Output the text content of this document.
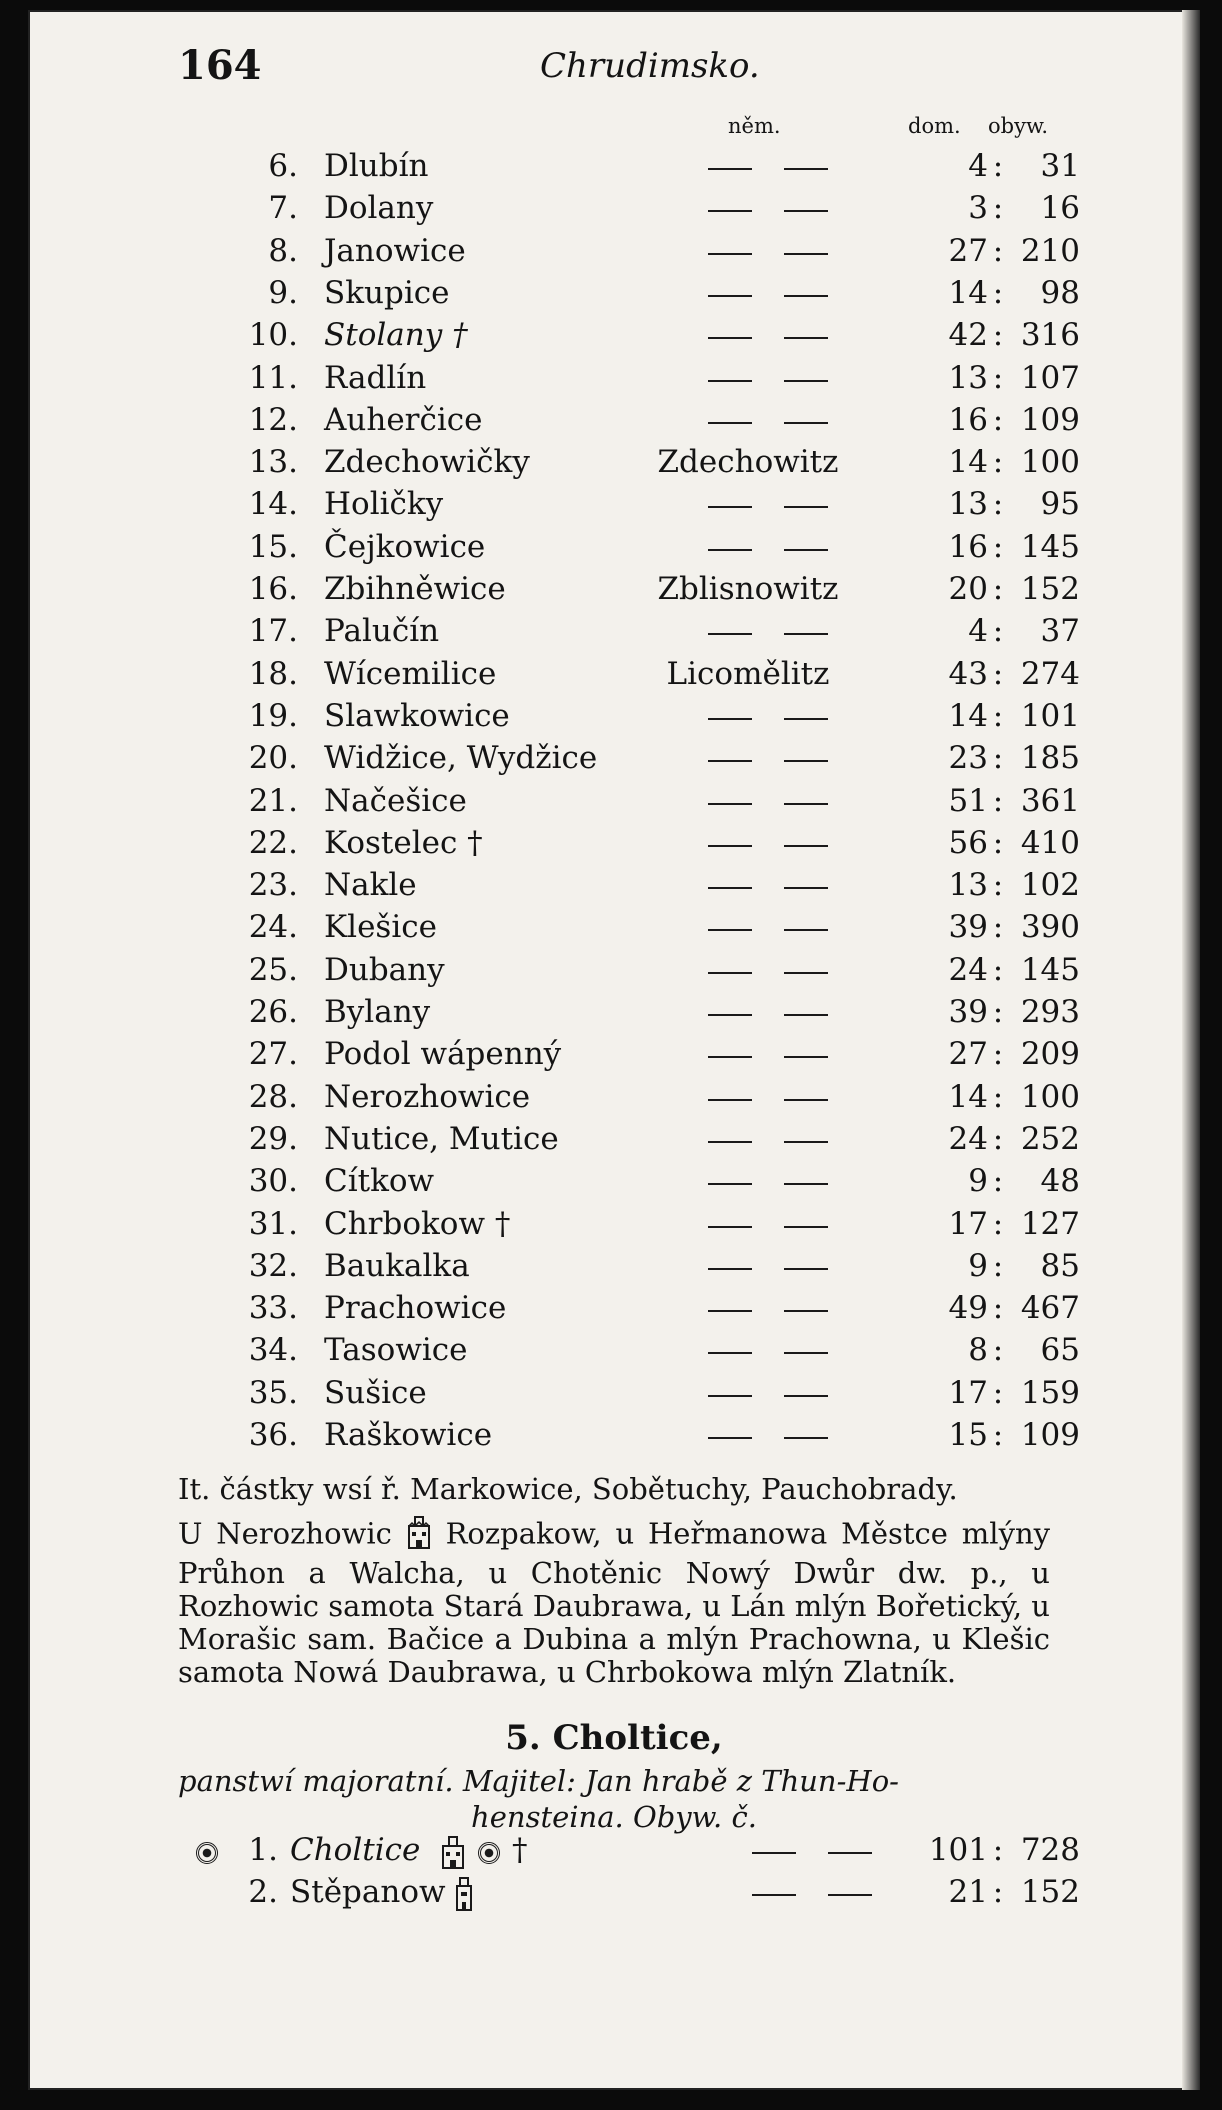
164	Chrudimsko.
něm.	dom. obyw.
6. Dlubín	4 :	31
7. Dolany	3 :	16
8. Janowice	27 : 210
9. Skupice	14 :	98
10. Stolany †	42 : 316
11. Radlín	13 : 107
12. Auherčice	16 : 109
13. Zdechowičky	Zdechowitz	14 : 100
14. Holičky	13 :	95
15. Čejkowice	16 : 145
16. Zbihněwice	Zblisnowitz	20 : 152
17. Palučín	4 :	37
18. Wícemilice	Licomělitz	43 : 274
19. Slawkowice	14 : 101
20. Widžice, Wydžice	23 : 185
21. Načešice	51 : 361
22. Kostelec †	56 : 410
23. Nakle	13 : 102
24. Klešice	39 : 390
25. Dubany	24 : 145
26. Bylany	39 : 293
27. Podol wápenný	27 : 209
28. Nerozhowice	14 : 100
29. Nutice, Mutice	24 : 252
30. Cítkow	9 :	48
31. Chrbokow †	17 : 127
32. Baukalka	9 :	85
33. Prachowice	49 : 467
34. Tasowice	8 :	65
35. Sušice	17 : 159
36. Raškowice	15 : 109

It. částky wsí ř. Markowice, Sobětuchy, Pauchobrady.

U Nerozhowic Rozpakow, u Heřmanowa Městce mlýny Průhon a Walcha, u Chotěnic Nowý Dwůr dw. p., u Rozhowic samota Stará Daubrawa, u Lán mlýn Bořetický, u Morašic sam. Bačice a Dubina a mlýn Prachowna, u Klešic samota Nowá Daubrawa, u Chrbokowa mlýn Zlatník.

5. Choltice,
panstwí majoratní. Majitel: Jan hrabě z Thun-Ho-
hensteina. Obyw. č.
1. Choltice	†	101 : 728
2. Stěpanow	21 : 152
